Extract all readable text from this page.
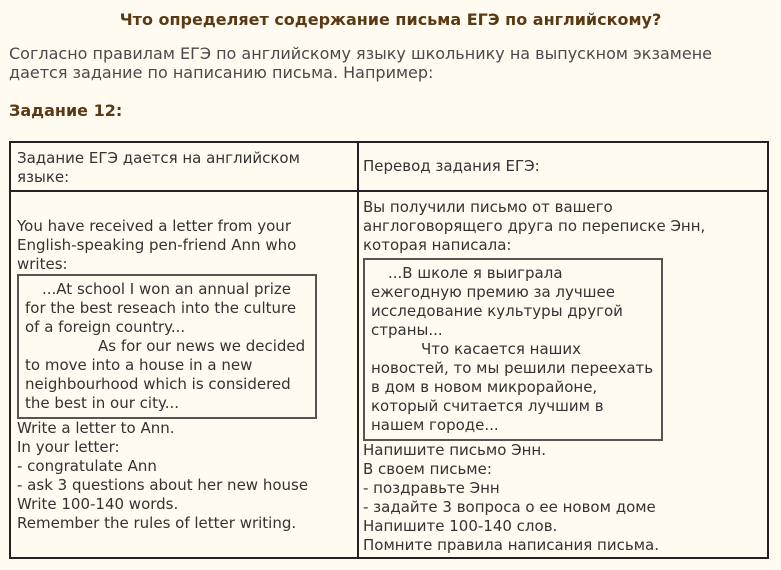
Что определяет содержание письма ЕГЭ по английскому?
Согласно правилам ЕГЭ по английскому языку школьнику на выпускном экзамене дается задание по написанию письма. Например:
Задание 12:
Задание ЕГЭ дается на английском языке:
Перевод задания ЕГЭ:
You have received a letter from your English-speaking pen-friend Ann who writes:
...At school I won an annual prize for the best reseach into the culture of a foreign country...
As for our news we decided to move into a house in a new neighbourhood which is considered the best in our city...
Write a letter to Ann.
In your letter:
- congratulate Ann
- ask 3 questions about her new house
Write 100-140 words.
Remember the rules of letter writing.
Вы получили письмо от вашего англоговорящего друга по переписке Энн, которая написала:
...В школе я выиграла ежегодную премию за лучшее исследование культуры другой страны...
Что касается наших новостей, то мы решили переехать в дом в новом микрорайоне, который считается лучшим в нашем городе...
Напишите письмо Энн.
В своем письме:
- поздравьте Энн
- задайте 3 вопроса о ее новом доме
Напишите 100-140 слов.
Помните правила написания письма.
